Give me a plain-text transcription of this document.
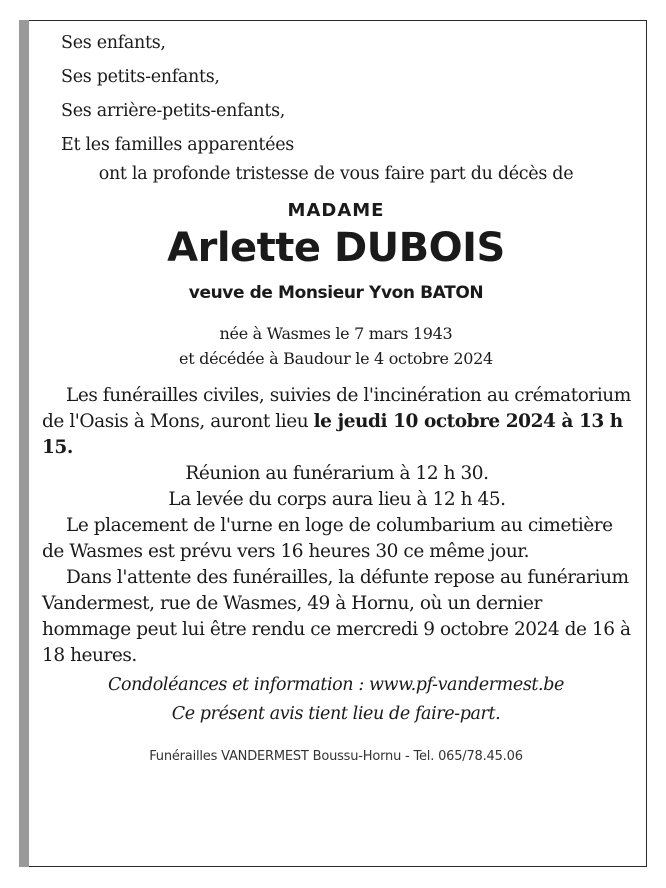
Ses enfants,
Ses petits-enfants,
Ses arrière-petits-enfants,
Et les familles apparentées
ont la profonde tristesse de vous faire part du décès de
MADAME
Arlette DUBOIS
veuve de Monsieur Yvon BATON
née à Wasmes le 7 mars 1943
et décédée à Baudour le 4 octobre 2024

Les funérailles civiles, suivies de l'incinération au crématorium de l'Oasis à Mons, auront lieu le jeudi 10 octobre 2024 à 13 h 15.

Réunion au funérarium à 12 h 30.

La levée du corps aura lieu à 12 h 45.

Le placement de l'urne en loge de columbarium au cimetière de Wasmes est prévu vers 16 heures 30 ce même jour.

Dans l'attente des funérailles, la défunte repose au funérarium Vandermest, rue de Wasmes, 49 à Hornu, où un dernier hommage peut lui être rendu ce mercredi 9 octobre 2024 de 16 à 18 heures.

Condoléances et information : www.pf-vandermest.be
Ce présent avis tient lieu de faire-part.
Funérailles VANDERMEST Boussu-Hornu - Tel. 065/78.45.06
